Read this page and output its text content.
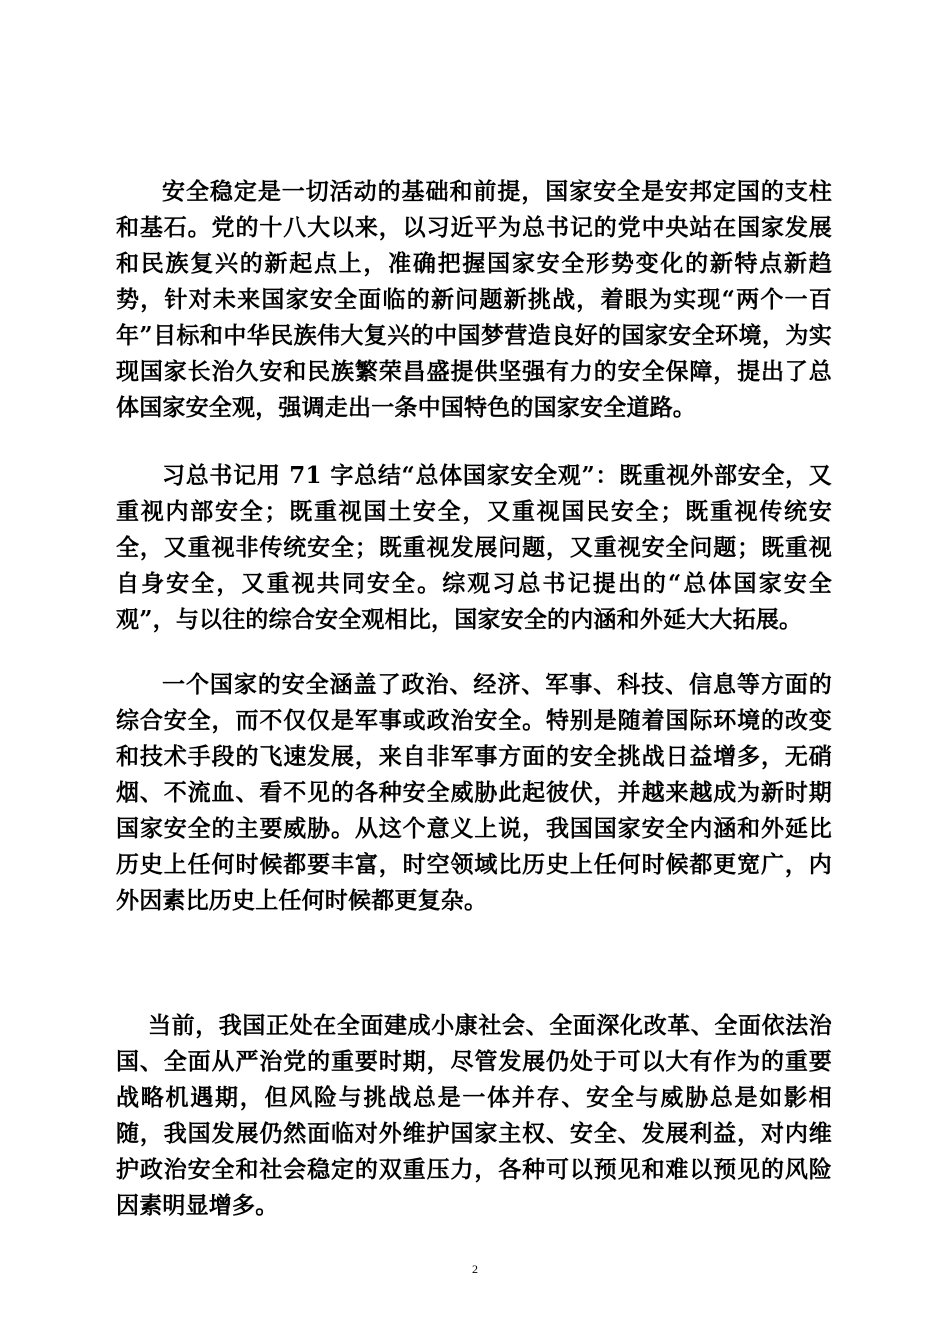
安全稳定是一切活动的基础和前提，国家安全是安邦定国的支柱和基石。党的十八大以来，以习近平为总书记的党中央站在国家发展和民族复兴的新起点上，准确把握国家安全形势变化的新特点新趋势，针对未来国家安全面临的新问题新挑战，着眼为实现“两个一百年”目标和中华民族伟大复兴的中国梦营造良好的国家安全环境，为实现国家长治久安和民族繁荣昌盛提供坚强有力的安全保障，提出了总体国家安全观，强调走出一条中国特色的国家安全道路。

习总书记用 71 字总结“总体国家安全观”：既重视外部安全，又重视内部安全；既重视国土安全，又重视国民安全；既重视传统安全，又重视非传统安全；既重视发展问题，又重视安全问题；既重视自身安全，又重视共同安全。综观习总书记提出的“总体国家安全观”，与以往的综合安全观相比，国家安全的内涵和外延大大拓展。

一个国家的安全涵盖了政治、经济、军事、科技、信息等方面的综合安全，而不仅仅是军事或政治安全。特别是随着国际环境的改变和技术手段的飞速发展，来自非军事方面的安全挑战日益增多，无硝烟、不流血、看不见的各种安全威胁此起彼伏，并越来越成为新时期国家安全的主要威胁。从这个意义上说，我国国家安全内涵和外延比历史上任何时候都要丰富，时空领域比历史上任何时候都更宽广，内外因素比历史上任何时候都更复杂。

当前，我国正处在全面建成小康社会、全面深化改革、全面依法治国、全面从严治党的重要时期，尽管发展仍处于可以大有作为的重要战略机遇期，但风险与挑战总是一体并存、安全与威胁总是如影相随，我国发展仍然面临对外维护国家主权、安全、发展利益，对内维护政治安全和社会稳定的双重压力，各种可以预见和难以预见的风险因素明显增多。

2
